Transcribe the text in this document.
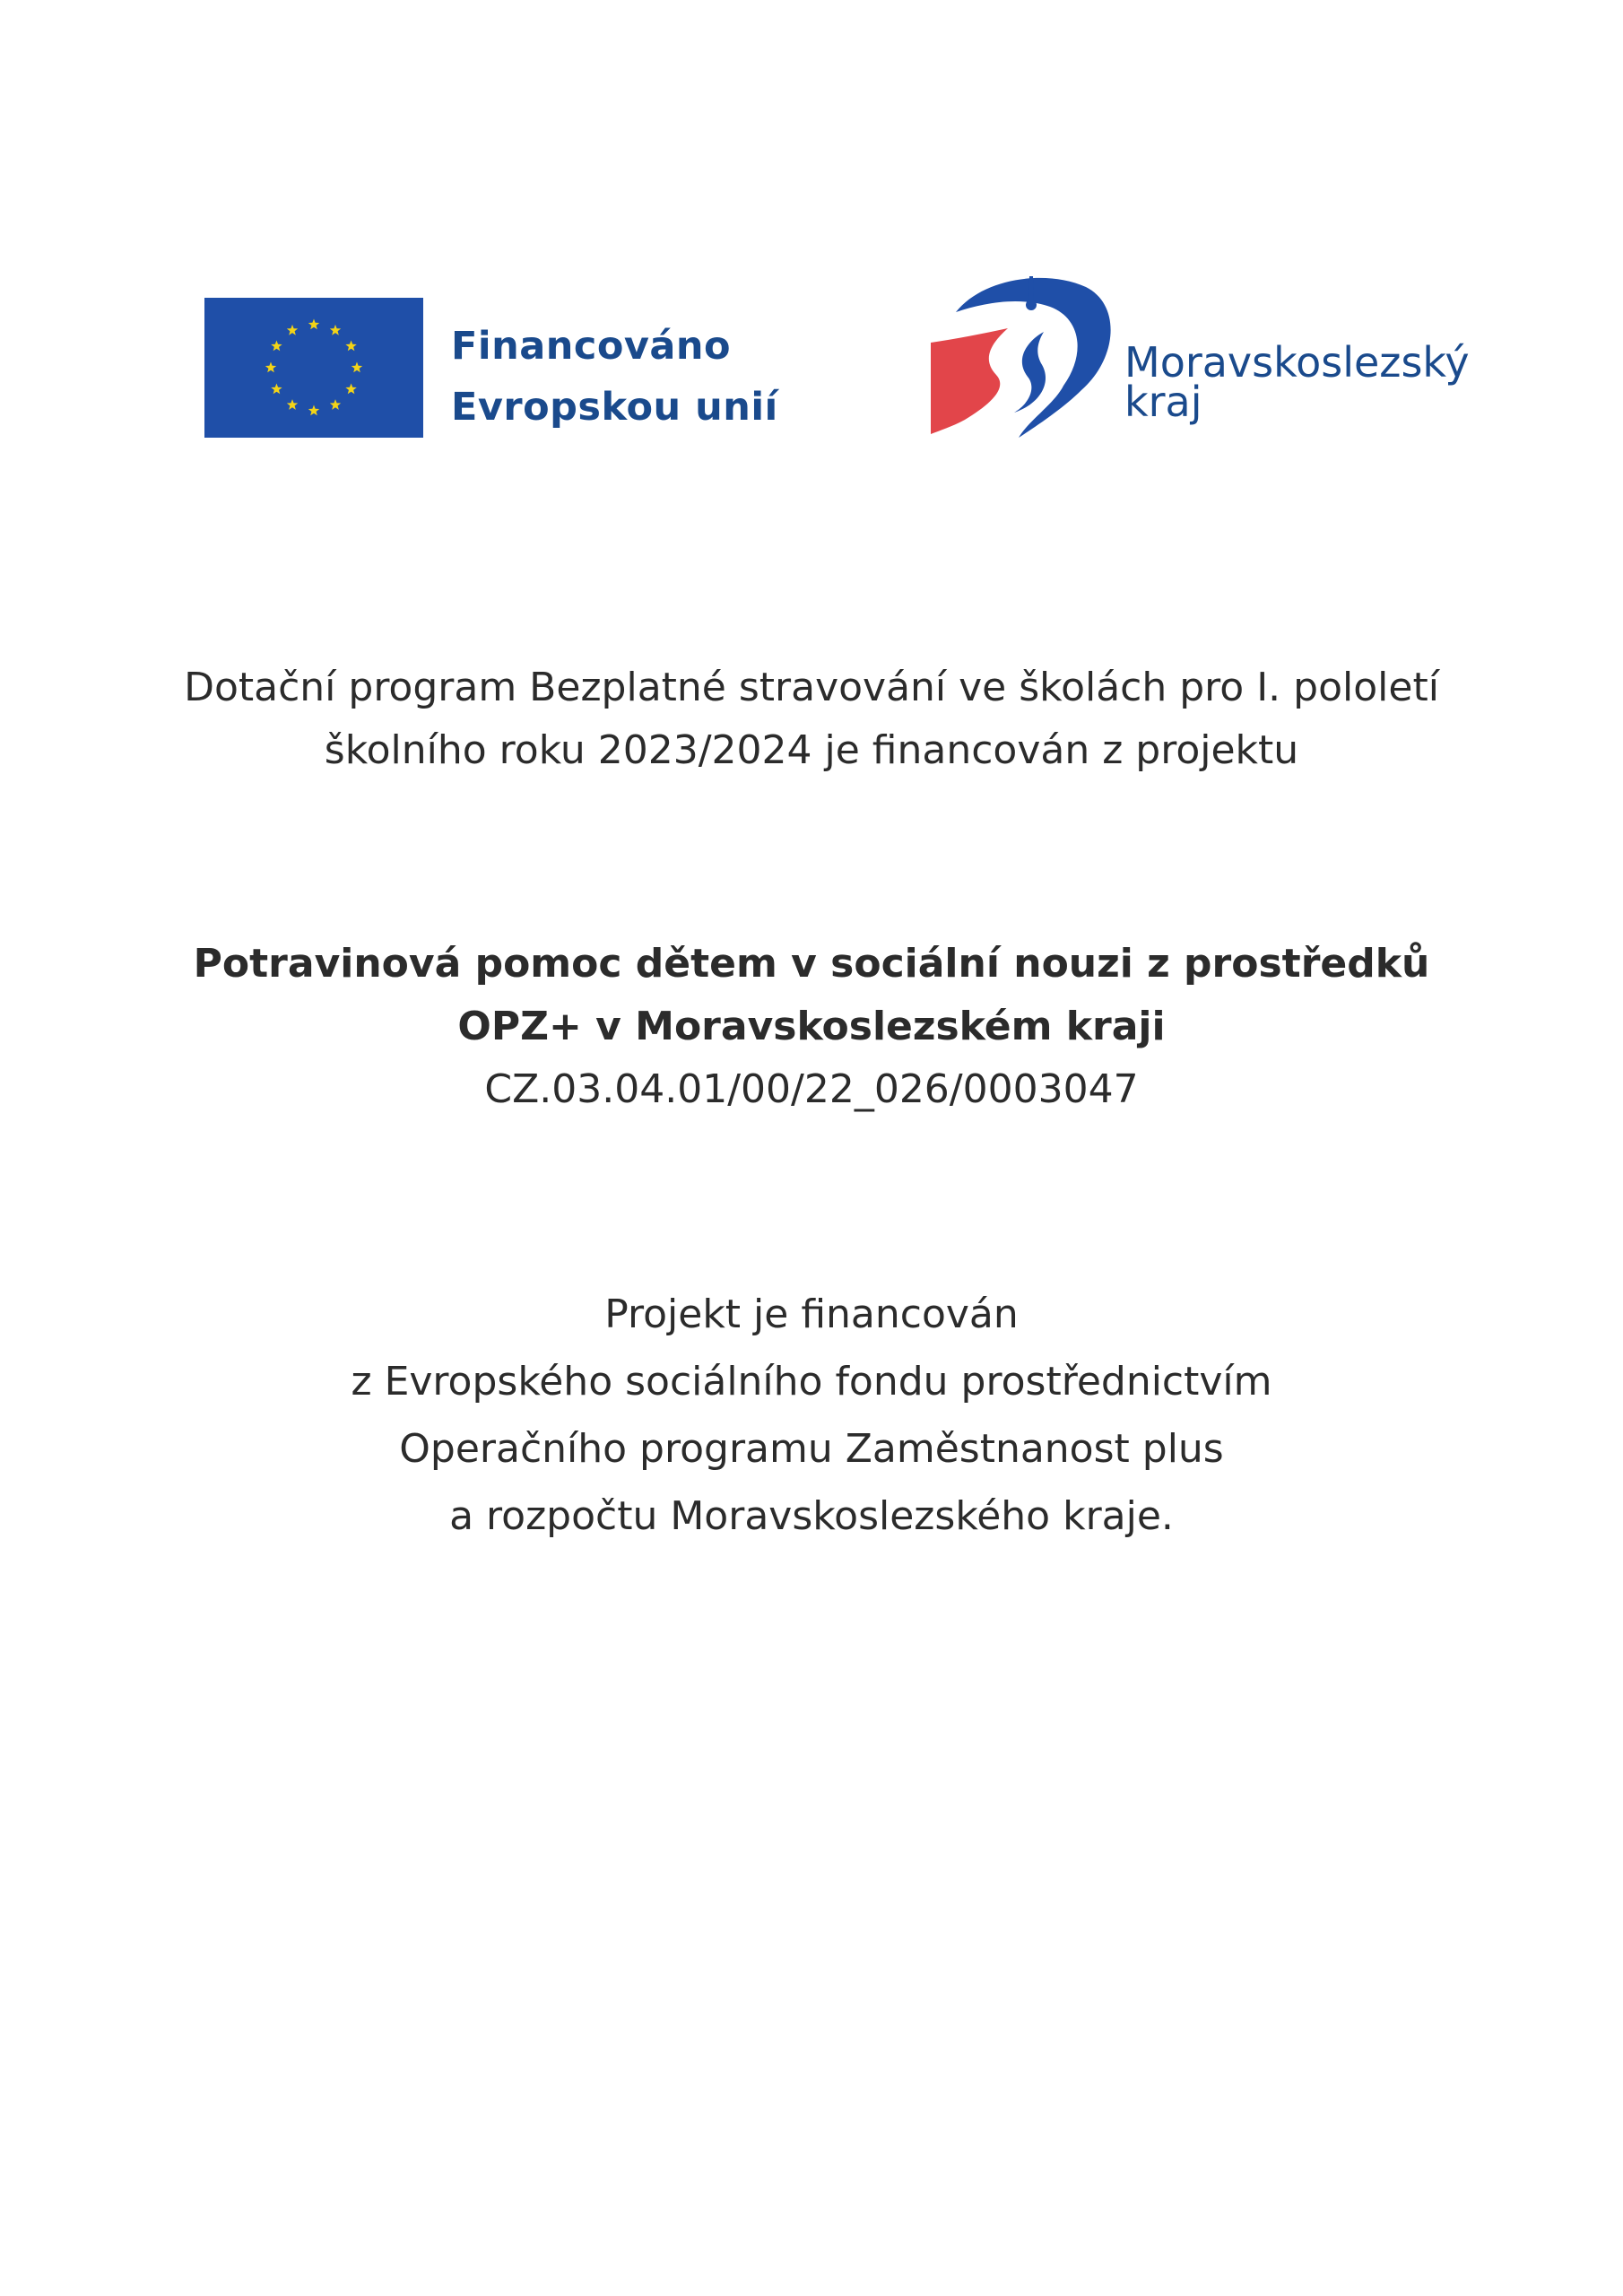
Financováno
Evropskou unií
Moravskoslezský
kraj
Dotační program Bezplatné stravování ve školách pro I. pololetí
školního roku 2023/2024 je financován z projektu
Potravinová pomoc dětem v sociální nouzi z prostředků
OPZ+ v Moravskoslezském kraji
CZ.03.04.01/00/22_026/0003047
Projekt je financován
z Evropského sociálního fondu prostřednictvím
Operačního programu Zaměstnanost plus
a rozpočtu Moravskoslezského kraje.
